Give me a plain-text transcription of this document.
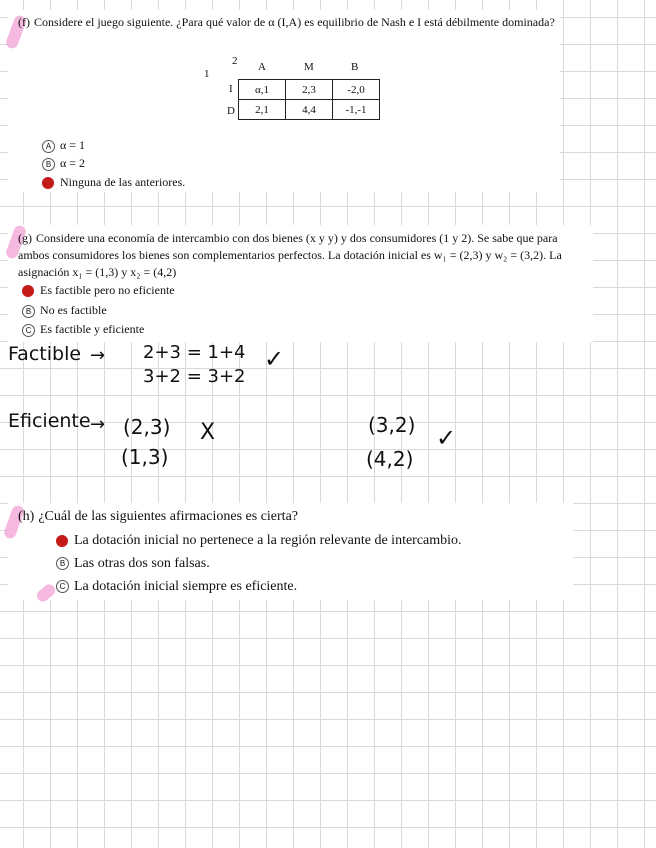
(f) Considere el juego siguiente. ¿Para qué valor de α (I,A) es equilibrio de Nash e I está débilmente dominada?
2
1
A	M	B
I
D
α,1	2,3	-2,0
2,1	4,4	-1,-1
A α = 1
B α = 2
Ninguna de las anteriores.
(g) Considere una economía de intercambio con dos bienes (x y y) y dos consumidores (1 y 2). Se sabe que para ambos consumidores los bienes son complementarios perfectos. La dotación inicial es w₁ = (2,3) y w₂ = (3,2). La asignación x₁ = (1,3) y x₂ = (4,2)
Es factible pero no eficiente
B No es factible
C Es factible y eficiente
Factible → 2+3 = 1+4
3+2 = 3+2
✓
Eficiente → (2,3)
(1,3)
X	(3,2)
(4,2)
✓
(h) ¿Cuál de las siguientes afirmaciones es cierta?
La dotación inicial no pertenece a la región relevante de intercambio.
B Las otras dos son falsas.
C La dotación inicial siempre es eficiente.
